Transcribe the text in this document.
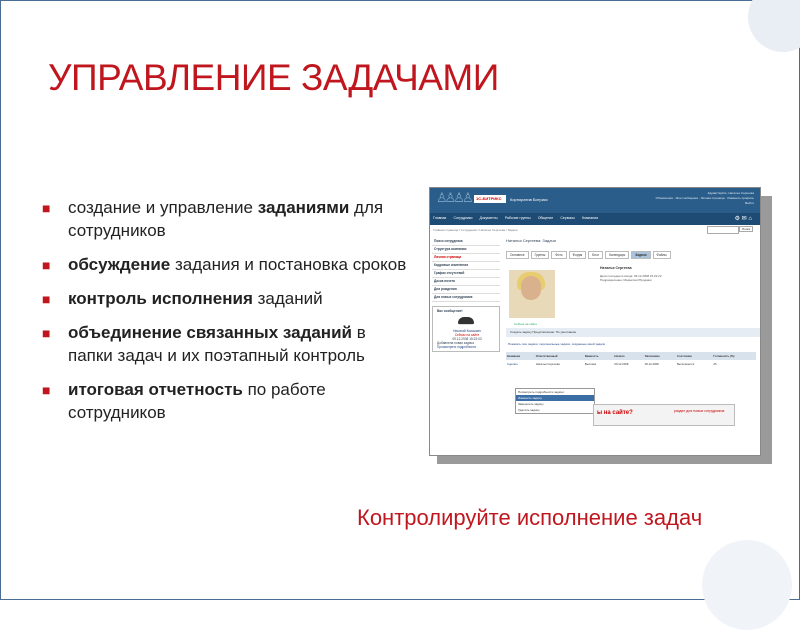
УПРАВЛЕНИЕ ЗАДАЧАМИ
■ создание и управление заданиями для сотрудников
■ обсуждение задания и постановка сроков
■ контроль исполнения заданий
■ объединение связанных заданий в папки задач и их поэтапный контроль
■ итоговая отчетность по работе сотрудников
♙♙♙♙	1С-БИТРИКС	Корпоратив Битрикс
Здравствуйте, Наталья Сергеева
Обновления · Мои сообщения · Личная страница · Изменить профиль
Выйти
Главная Сотрудники Документы Рабочие группы Общение Сервисы Компания	⚙ ✉ ⌂
Главная страница / Сотрудники / Наталья Сергеева / Задачи	Поиск
Поиск сотрудника
Структура компании
Личная страница
Кадровые изменения
График отсутствий
Доска почета
Дни рождения
Для новых сотрудников
Вас сообщение!
Николай Кокошкин
Сейчас на сайте
09.12.2008 15:23:03
Добавлена новая задача
Просмотреть подробности
Наталья Сергеева: Задачи
Основное	Группы	Фото	Форум	Блог	Календарь	Задачи	Файлы
Наталья Сергеева
Дата последнего входа: 09.12.2008 15:22:22
Подразделение: Маркетинг/Продажи
Сейчас на сайте
Создать задачу Представление: По умолчанию
Показать: все задачи, персональные задачи, созданные мной задачи
Название	Ответственный	Важность	Начало	Окончание	Состояние	Готовность (%)
Сделать	Наталья Сергеева	Высокая	09.12.2008	09.12.2008	Выполняется	25
Посмотреть подробности задачи
Изменить задачу
Завершить задачу
Удалить задачу	ы на сайте?	раздел для новых сотрудников

Контролируйте исполнение задач
